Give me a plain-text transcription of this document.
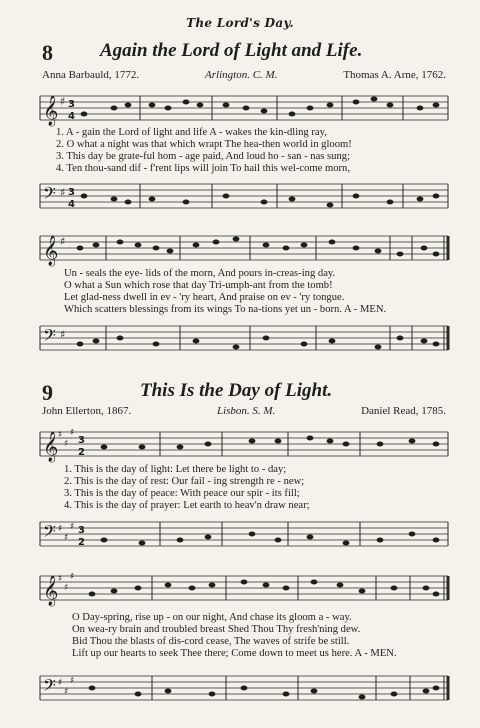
The Lord's Day.
8 Again the Lord of Light and Life.
Anna Barbauld, 1772.	Arlington. C. M.	Thomas A. Arne, 1762.
𝄞 ♯ 3
4
1. A - gain the Lord of light and life A - wakes the kin-dling ray,
2. O what a night was that which wrapt The hea-then world in gloom!
3. This day be grate-ful hom - age paid, And loud ho - san - nas sung;
4. Ten thou-sand dif - f'rent lips will join To hail this wel-come morn,
𝄢 ♯ 3
4
𝄞 ♯
Un - seals the eye- lids of the morn, And pours in-creas-ing day.
O what a Sun which rose that day Tri-umph-ant from the tomb!
Let glad-ness dwell in ev - 'ry heart, And praise on ev - 'ry tongue.
Which scatters blessings from its wings To na-tions yet un - born. A - MEN.
𝄢 ♯
9	This Is the Day of Light.
John Ellerton, 1867.	Lisbon. S. M.	Daniel Read, 1785.
𝄞 ♯
♯
♯
3
2
1. This is the day of light: Let there be light to - day;
2. This is the day of rest: Our fail - ing strength re - new;
3. This is the day of peace: With peace our spir - its fill;
4. This is the day of prayer: Let earth to heav'n draw near;
𝄢 ♯
♯
♯ 3
2
𝄞 ♯
♯
♯
O Day-spring, rise up - on our night, And chase its gloom a - way.
On wea-ry brain and troubled breast Shed Thou Thy fresh'ning dew.
Bid Thou the blasts of dis-cord cease, The waves of strife be still.
Lift up our hearts to seek Thee there; Come down to meet us here. A - MEN.
𝄢 ♯
♯
♯
